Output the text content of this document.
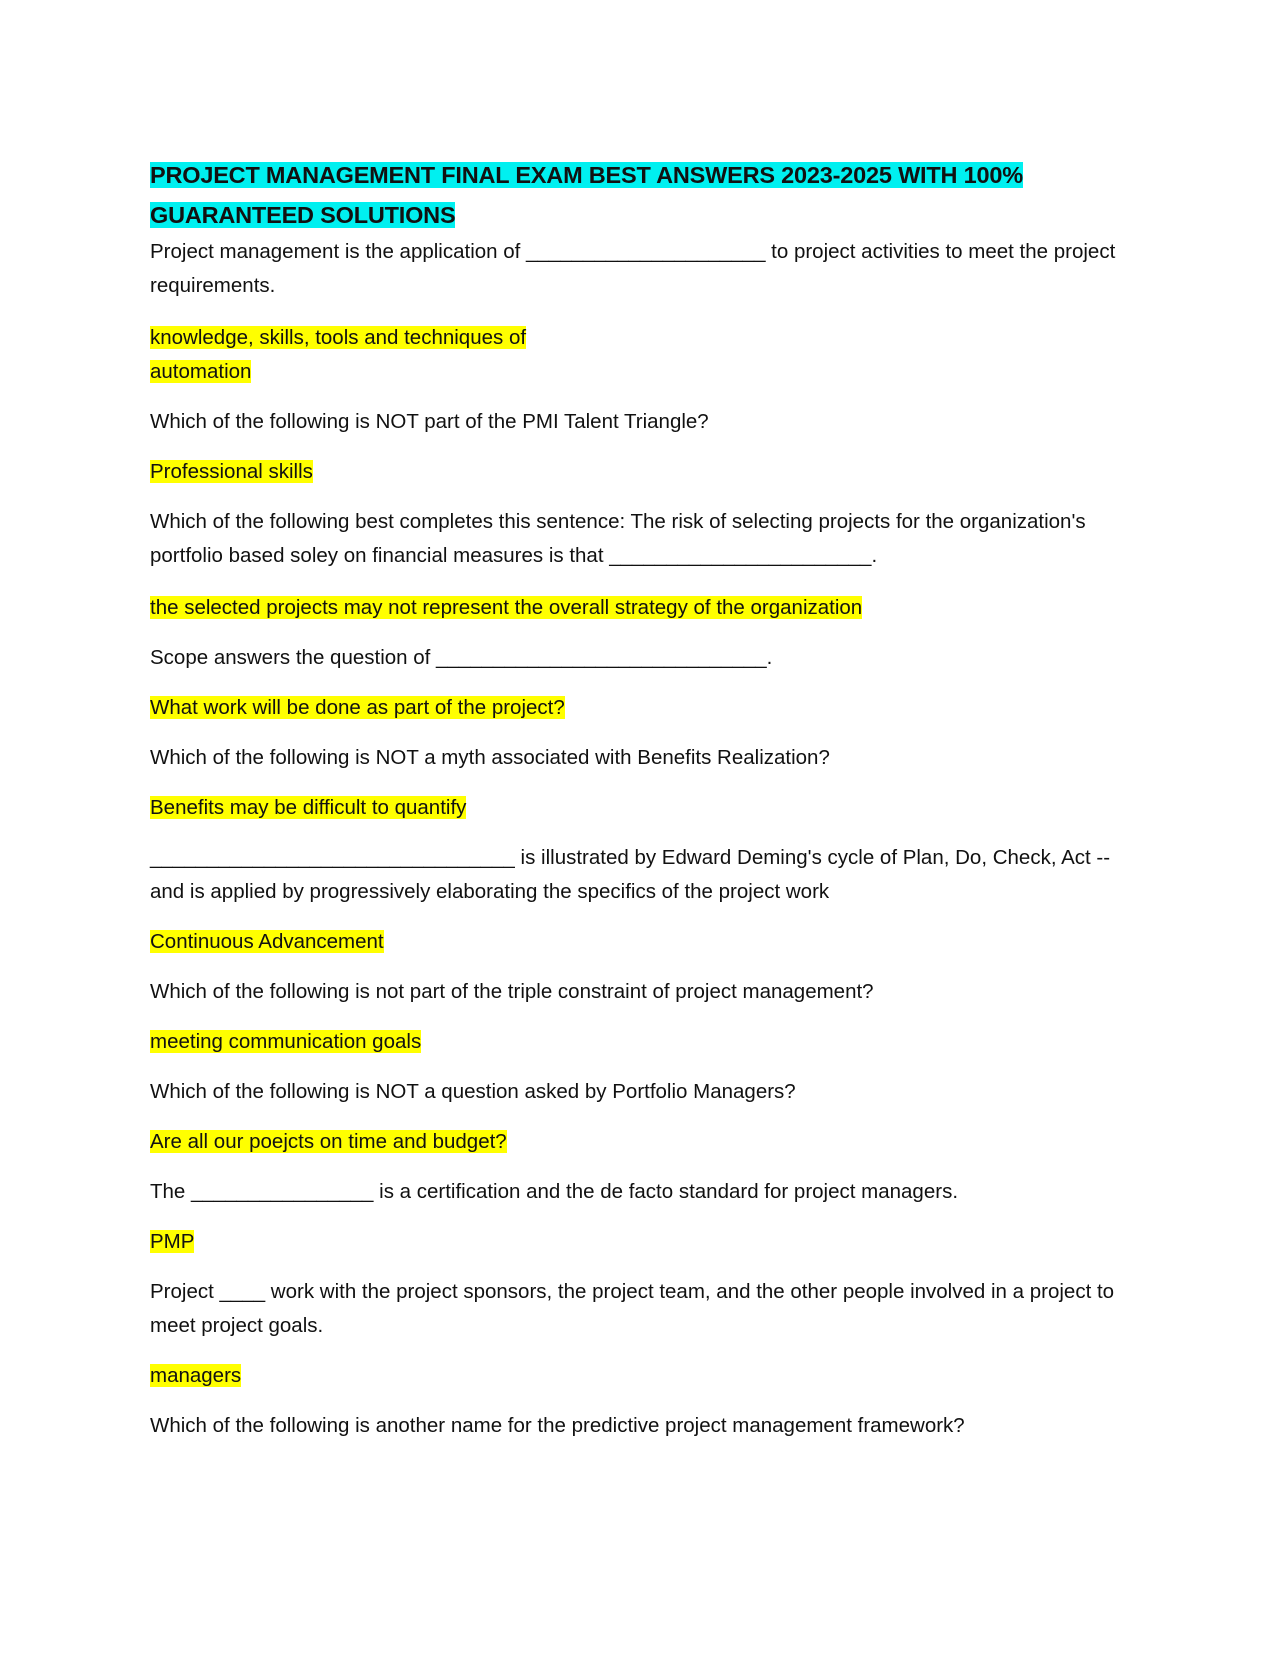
PROJECT MANAGEMENT FINAL EXAM BEST ANSWERS 2023-2025 WITH 100% GUARANTEED SOLUTIONS

Project management is the application of _____________________ to project activities to meet the project requirements.

knowledge, skills, tools and techniques of
automation

Which of the following is NOT part of the PMI Talent Triangle?

Professional skills

Which of the following best completes this sentence: The risk of selecting projects for the organization's portfolio based soley on financial measures is that _______________________.

the selected projects may not represent the overall strategy of the organization

Scope answers the question of _____________________________.

What work will be done as part of the project?

Which of the following is NOT a myth associated with Benefits Realization?

Benefits may be difficult to quantify

________________________________ is illustrated by Edward Deming's cycle of Plan, Do, Check, Act -- and is applied by progressively elaborating the specifics of the project work

Continuous Advancement

Which of the following is not part of the triple constraint of project management?

meeting communication goals

Which of the following is NOT a question asked by Portfolio Managers?

Are all our poejcts on time and budget?

The ________________ is a certification and the de facto standard for project managers.

PMP

Project ____ work with the project sponsors, the project team, and the other people involved in a project to meet project goals.

managers

Which of the following is another name for the predictive project management framework?
